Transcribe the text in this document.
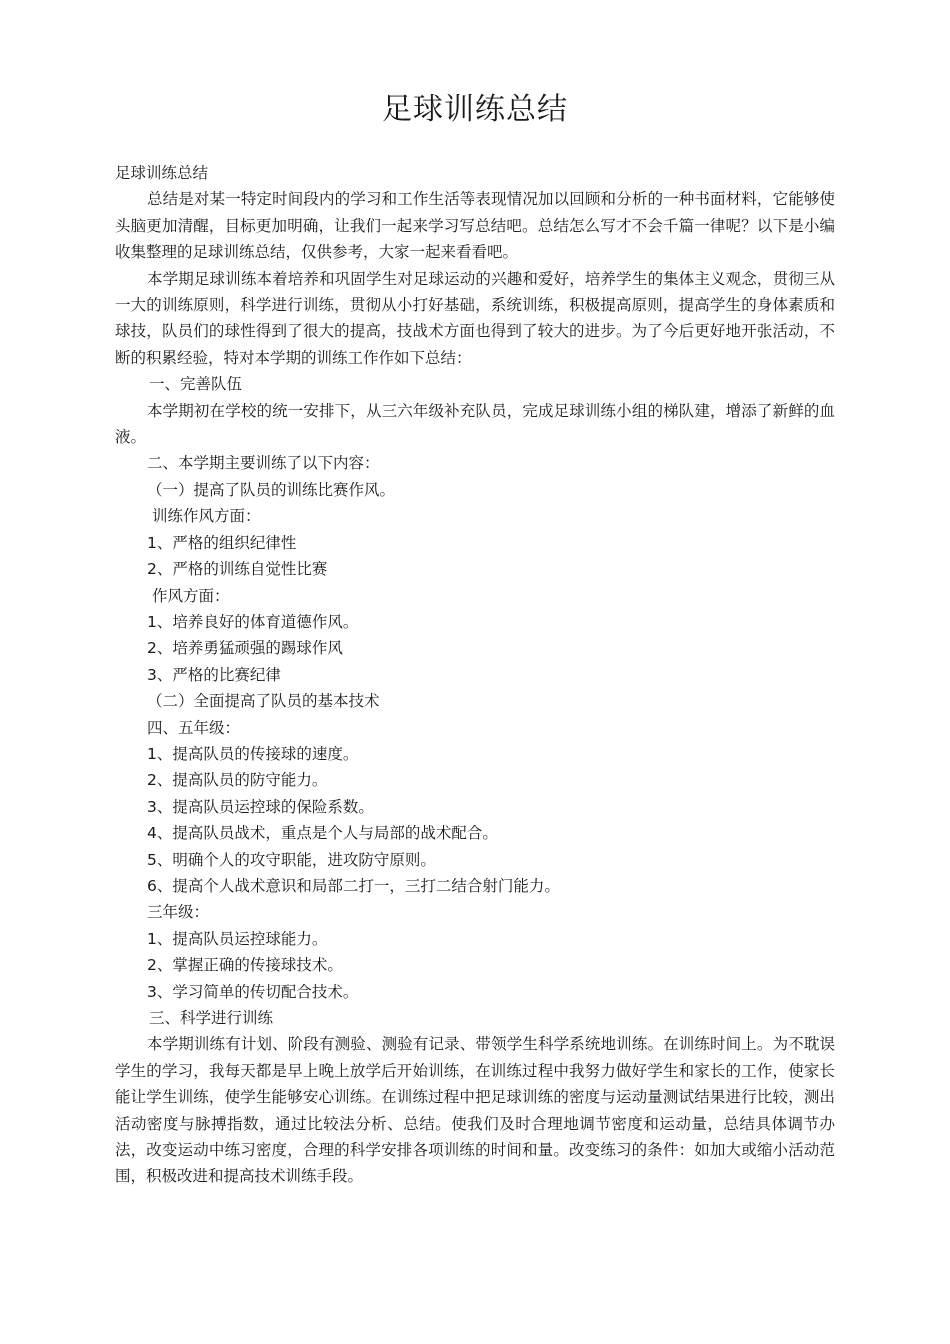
足球训练总结

足球训练总结

总结是对某一特定时间段内的学习和工作生活等表现情况加以回顾和分析的一种书面材料，它能够使头脑更加清醒，目标更加明确，让我们一起来学习写总结吧。总结怎么写才不会千篇一律呢？以下是小编收集整理的足球训练总结，仅供参考，大家一起来看看吧。

本学期足球训练本着培养和巩固学生对足球运动的兴趣和爱好，培养学生的集体主义观念，贯彻三从一大的训练原则，科学进行训练，贯彻从小打好基础，系统训练，积极提高原则，提高学生的身体素质和球技，队员们的球性得到了很大的提高，技战术方面也得到了较大的进步。为了今后更好地开张活动，不断的积累经验，特对本学期的训练工作作如下总结：

一、完善队伍

本学期初在学校的统一安排下，从三六年级补充队员，完成足球训练小组的梯队建，增添了新鲜的血液。

二、本学期主要训练了以下内容：

（一）提高了队员的训练比赛作风。

训练作风方面：

1、严格的组织纪律性

2、严格的训练自觉性比赛

作风方面：

1、培养良好的体育道德作风。

2、培养勇猛顽强的踢球作风

3、严格的比赛纪律

（二）全面提高了队员的基本技术

四、五年级：

1、提高队员的传接球的速度。

2、提高队员的防守能力。

3、提高队员运控球的保险系数。

4、提高队员战术，重点是个人与局部的战术配合。

5、明确个人的攻守职能，进攻防守原则。

6、提高个人战术意识和局部二打一，三打二结合射门能力。

三年级：

1、提高队员运控球能力。

2、掌握正确的传接球技术。

3、学习简单的传切配合技术。

三、科学进行训练

本学期训练有计划、阶段有测验、测验有记录、带领学生科学系统地训练。在训练时间上。为不耽误学生的学习，我每天都是早上晚上放学后开始训练，在训练过程中我努力做好学生和家长的工作，使家长能让学生训练，使学生能够安心训练。在训练过程中把足球训练的密度与运动量测试结果进行比较，测出活动密度与脉搏指数，通过比较法分析、总结。使我们及时合理地调节密度和运动量，总结具体调节办法，改变运动中练习密度，合理的科学安排各项训练的时间和量。改变练习的条件：如加大或缩小活动范围，积极改进和提高技术训练手段。
